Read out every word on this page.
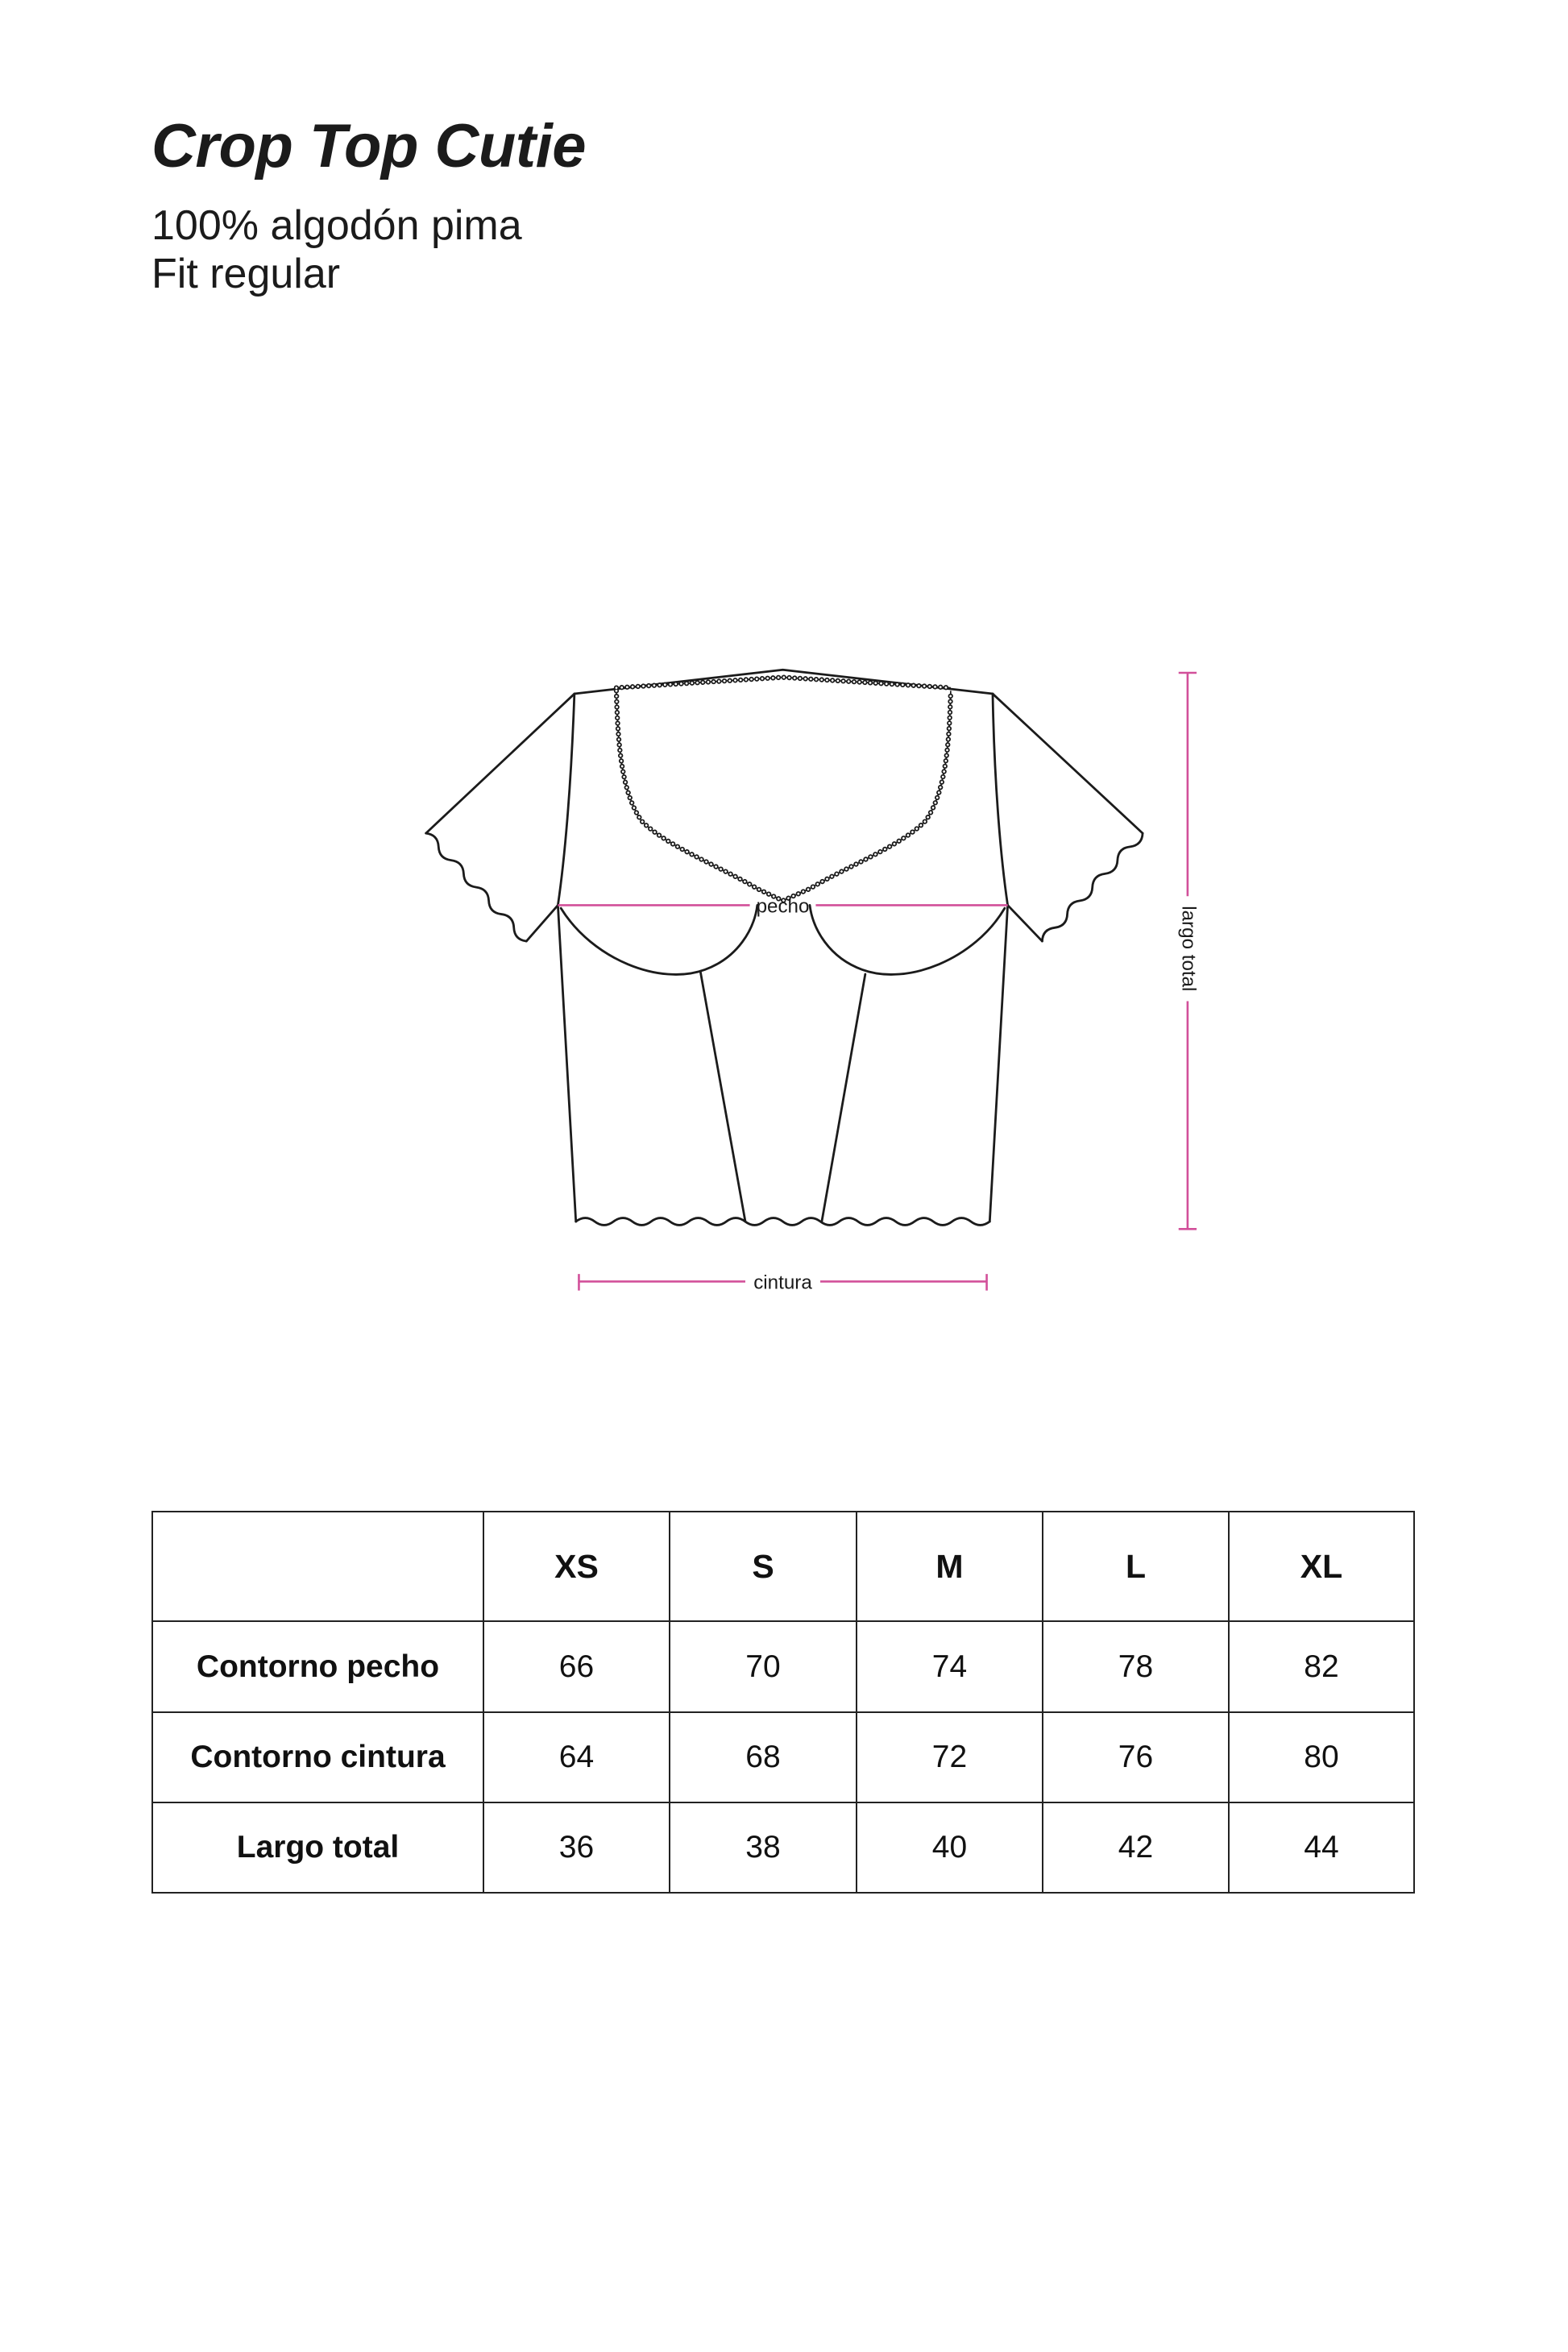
Crop Top Cutie
100% algodón pima
Fit regular
pecho
cintura
largo total
	XS	S	M	L	XL
Contorno pecho	66	70	74	78	82
Contorno cintura	64	68	72	76	80
Largo total	36	38	40	42	44
